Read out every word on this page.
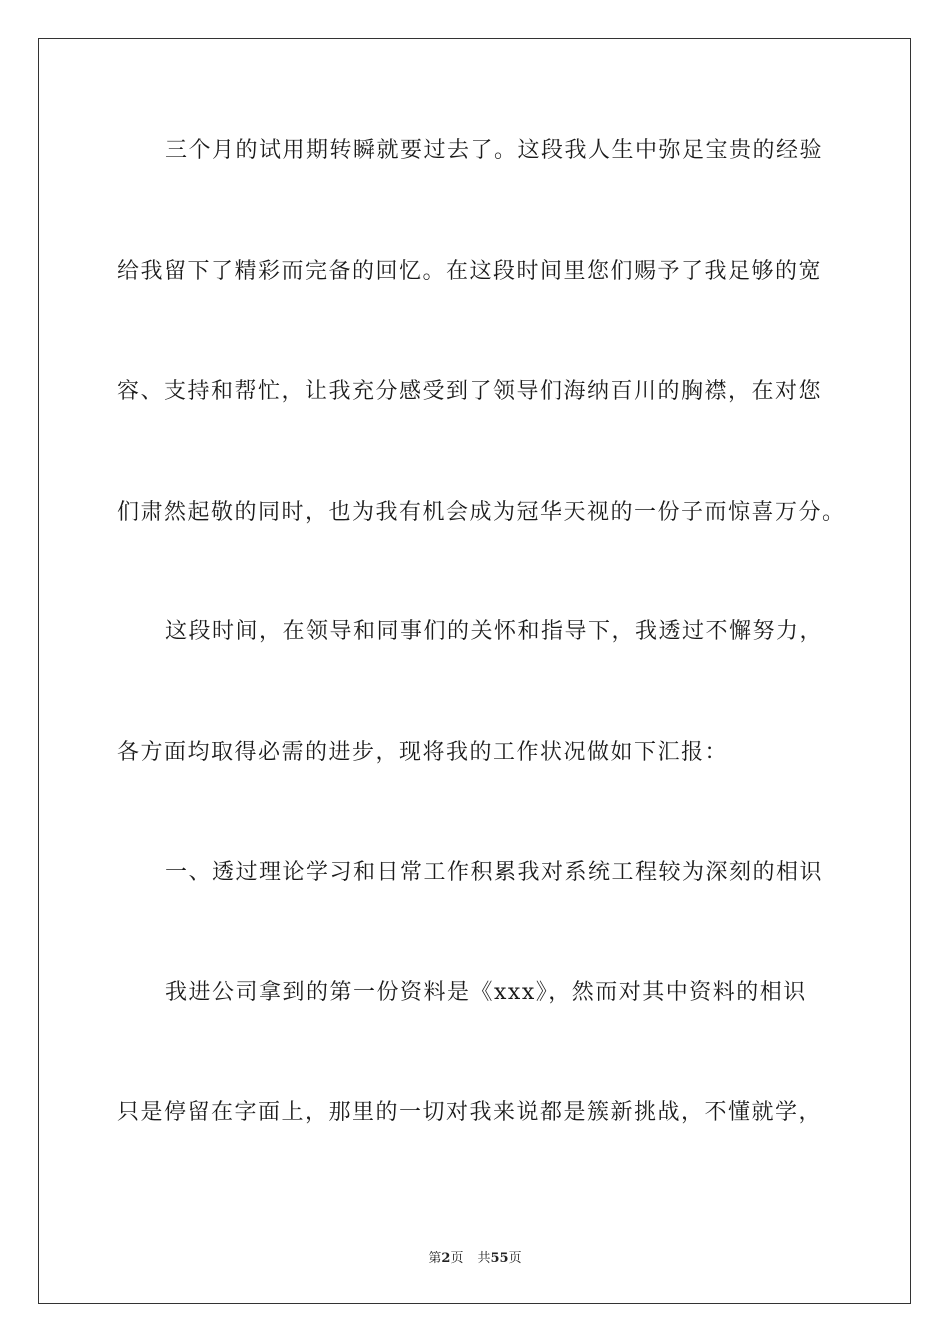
三个月的试用期转瞬就要过去了。这段我人生中弥足宝贵的经验
给我留下了精彩而完备的回忆。在这段时间里您们赐予了我足够的宽
容、支持和帮忙，让我充分感受到了领导们海纳百川的胸襟，在对您
们肃然起敬的同时，也为我有机会成为冠华天视的一份子而惊喜万分。
这段时间，在领导和同事们的关怀和指导下，我透过不懈努力，
各方面均取得必需的进步，现将我的工作状况做如下汇报：
一、透过理论学习和日常工作积累我对系统工程较为深刻的相识
我进公司拿到的第一份资料是《xxx》，然而对其中资料的相识
只是停留在字面上，那里的一切对我来说都是簇新挑战，不懂就学，
第2页 共55页
